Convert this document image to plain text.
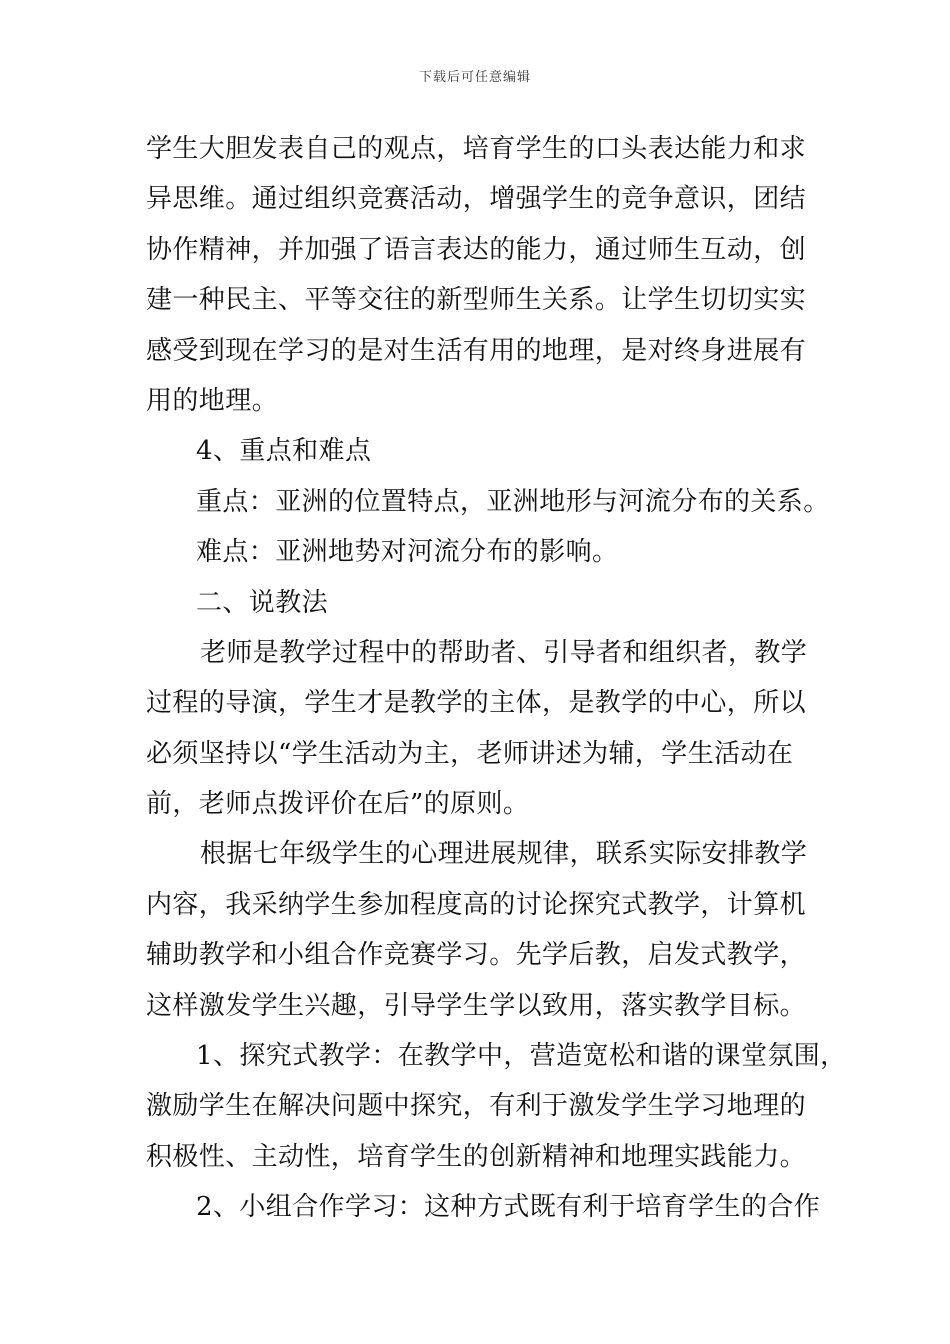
下载后可任意编辑
学生大胆发表自己的观点，培育学生的口头表达能力和求
异思维。通过组织竞赛活动，增强学生的竞争意识，团结
协作精神，并加强了语言表达的能力，通过师生互动，创
建一种民主、平等交往的新型师生关系。让学生切切实实
感受到现在学习的是对生活有用的地理，是对终身进展有
用的地理。
4、重点和难点
重点：亚洲的位置特点，亚洲地形与河流分布的关系。
难点：亚洲地势对河流分布的影响。
二、说教法
老师是教学过程中的帮助者、引导者和组织者，教学
过程的导演，学生才是教学的主体，是教学的中心，所以
必须坚持以“学生活动为主，老师讲述为辅，学生活动在
前，老师点拨评价在后”的原则。
根据七年级学生的心理进展规律，联系实际安排教学
内容，我采纳学生参加程度高的讨论探究式教学，计算机
辅助教学和小组合作竞赛学习。先学后教，启发式教学，
这样激发学生兴趣，引导学生学以致用，落实教学目标。
1、探究式教学：在教学中，营造宽松和谐的课堂氛围，
激励学生在解决问题中探究，有利于激发学生学习地理的
积极性、主动性，培育学生的创新精神和地理实践能力。
2、小组合作学习：这种方式既有利于培育学生的合作
